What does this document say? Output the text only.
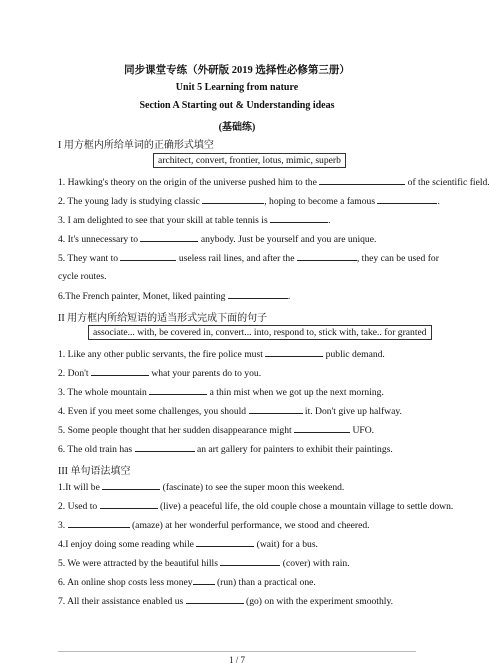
同步课堂专练（外研版 2019 选择性必修第三册）
Unit 5 Learning from nature
Section A Starting out & Understanding ideas
(基础练)
I 用方框内所给单词的正确形式填空
architect, convert, frontier, lotus, mimic, superb
1. Hawking's theory on the origin of the universe pushed him to the	of the scientific field.
2. The young lady is studying classic	, hoping to become a famous	.
3. I am delighted to see that your skill at table tennis is	.
4. It's unnecessary to	anybody. Just be yourself and you are unique.
5. They want to	useless rail lines, and after the	, they can be used for
cycle routes.
6.The French painter, Monet, liked painting	.
II 用方框内所给短语的适当形式完成下面的句子
associate... with, be covered in, convert... into, respond to, stick with, take.. for granted
1. Like any other public servants, the fire police must	public demand.
2. Don't	what your parents do to you.
3. The whole mountain	a thin mist when we got up the next morning.
4. Even if you meet some challenges, you should	it. Don't give up halfway.
5. Some people thought that her sudden disappearance might	UFO.
6. The old train has	an art gallery for painters to exhibit their paintings.
III 单句语法填空
1.It will be	(fascinate) to see the super moon this weekend.
2. Used to	(live) a peaceful life, the old couple chose a mountain village to settle down.
3.	(amaze) at her wonderful performance, we stood and cheered.
4.I enjoy doing some reading while	(wait) for a bus.
5. We were attracted by the beautiful hills	(cover) with rain.
6. An online shop costs less money (run) than a practical one.
7. All their assistance enabled us	(go) on with the experiment smoothly.
1 / 7
